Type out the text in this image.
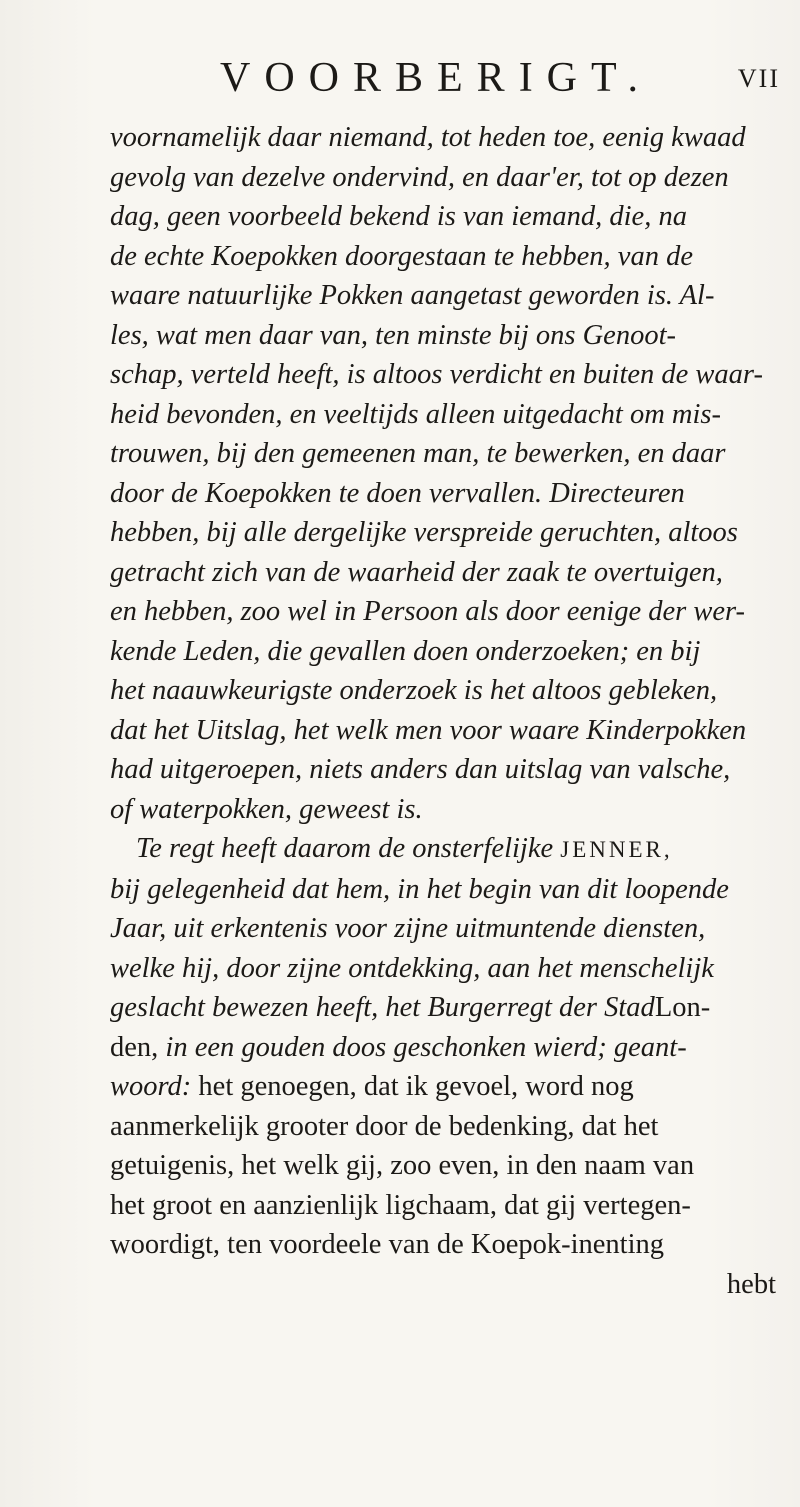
VOORBERIGT.	VII
voornamelijk daar niemand, tot heden toe, eenig kwaad
gevolg van dezelve ondervind, en daar'er, tot op dezen
dag, geen voorbeeld bekend is van iemand, die, na
de echte Koepokken doorgestaan te hebben, van de
waare natuurlijke Pokken aangetast geworden is. Al-
les, wat men daar van, ten minste bij ons Genoot-
schap, verteld heeft, is altoos verdicht en buiten de waar-
heid bevonden, en veeltijds alleen uitgedacht om mis-
trouwen, bij den gemeenen man, te bewerken, en daar
door de Koepokken te doen vervallen. Directeuren
hebben, bij alle dergelijke verspreide geruchten, altoos
getracht zich van de waarheid der zaak te overtuigen,
en hebben, zoo wel in Persoon als door eenige der wer-
kende Leden, die gevallen doen onderzoeken; en bij
het naauwkeurigste onderzoek is het altoos gebleken,
dat het Uitslag, het welk men voor waare Kinderpokken
had uitgeroepen, niets anders dan uitslag van valsche,
of waterpokken, geweest is.
Te regt heeft daarom de onsterfelijke JENNER,
bij gelegenheid dat hem, in het begin van dit loopende
Jaar, uit erkentenis voor zijne uitmuntende diensten,
welke hij, door zijne ontdekking, aan het menschelijk
geslacht bewezen heeft, het Burgerregt der StadLon-
den, in een gouden doos geschonken wierd; geant-
woord: het genoegen, dat ik gevoel, word nog
aanmerkelijk grooter door de bedenking, dat het
getuigenis, het welk gij, zoo even, in den naam van
het groot en aanzienlijk ligchaam, dat gij vertegen-
woordigt, ten voordeele van de Koepok-inenting
hebt
